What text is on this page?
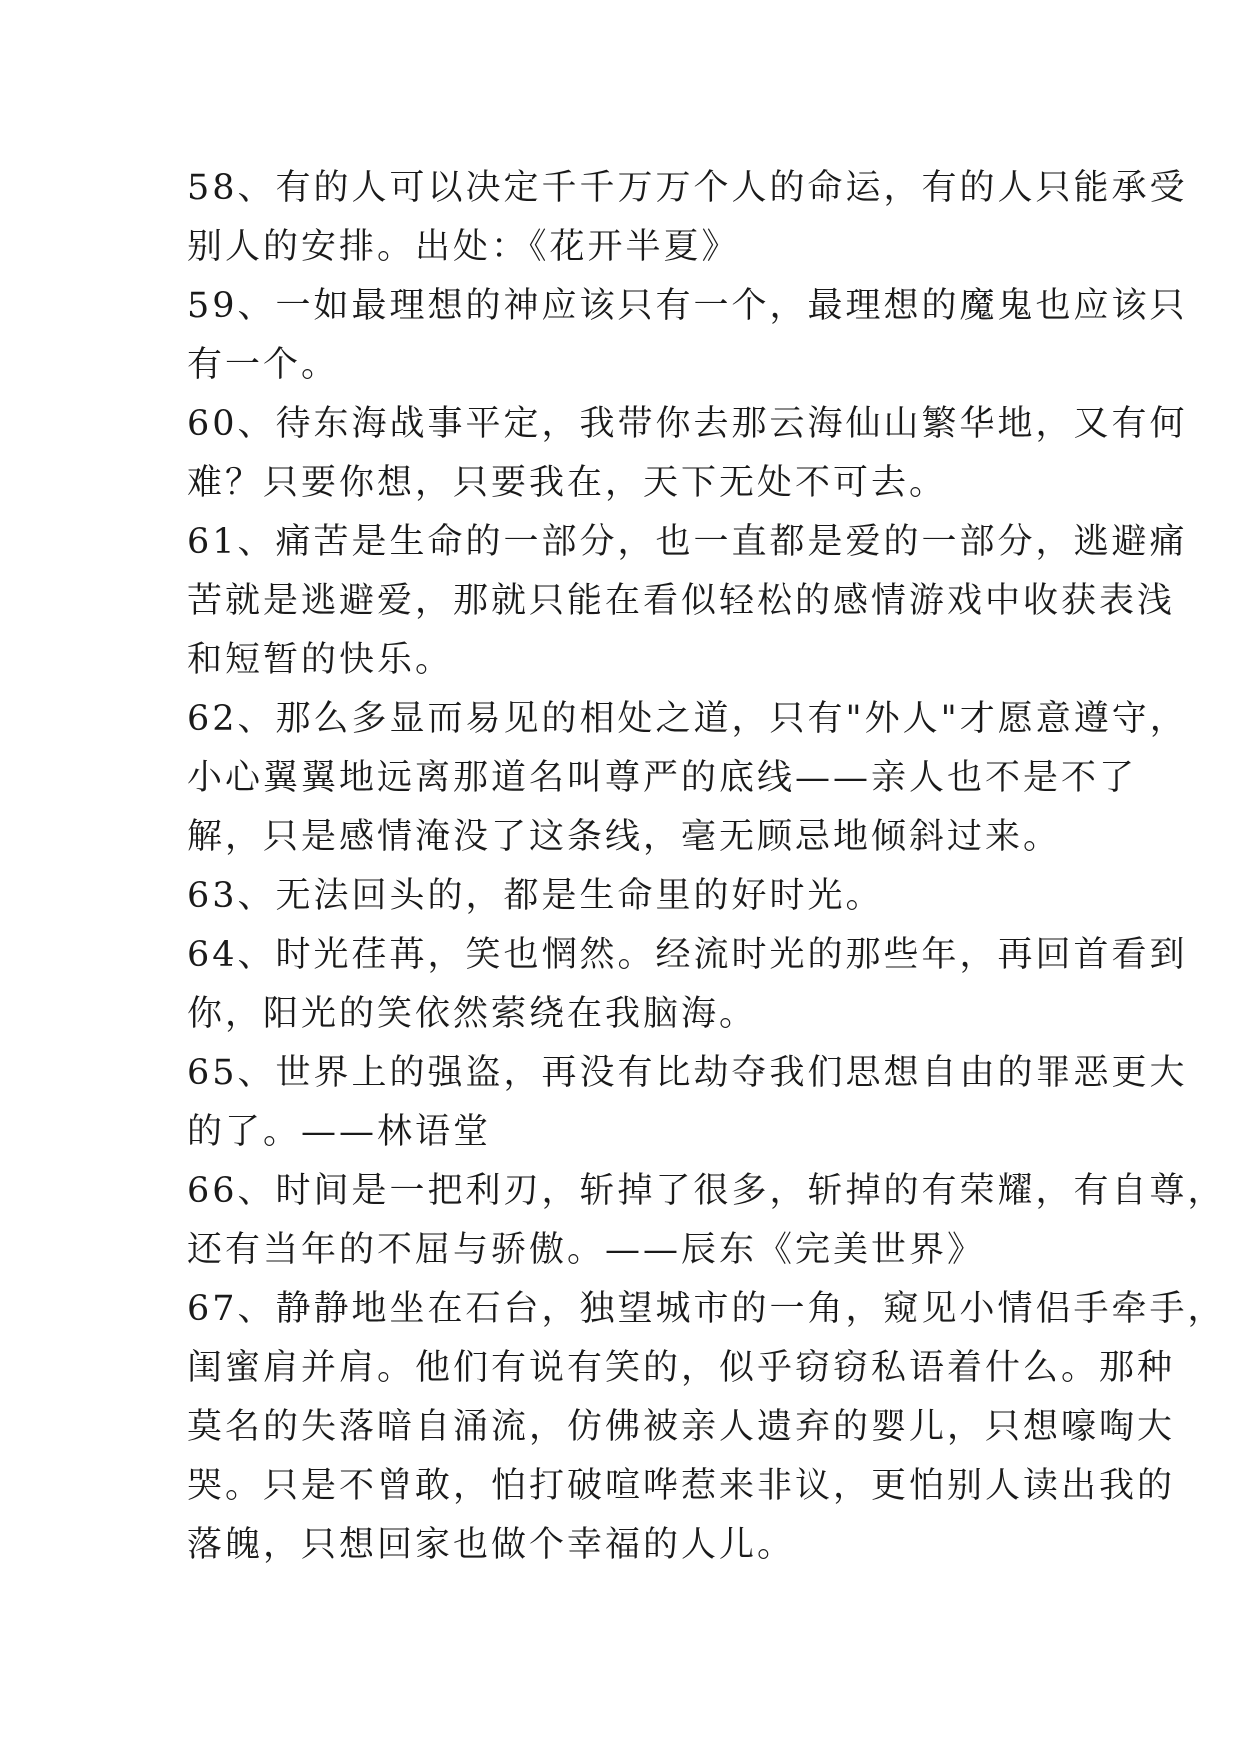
58、有的人可以决定千千万万个人的命运，有的人只能承受
别人的安排。出处：《花开半夏》

59、一如最理想的神应该只有一个，最理想的魔鬼也应该只
有一个。

60、待东海战事平定，我带你去那云海仙山繁华地，又有何
难？只要你想，只要我在，天下无处不可去。

61、痛苦是生命的一部分，也一直都是爱的一部分，逃避痛
苦就是逃避爱，那就只能在看似轻松的感情游戏中收获表浅
和短暂的快乐。

62、那么多显而易见的相处之道，只有"外人"才愿意遵守，
小心翼翼地远离那道名叫尊严的底线——亲人也不是不了
解，只是感情淹没了这条线，毫无顾忌地倾斜过来。

63、无法回头的，都是生命里的好时光。

64、时光荏苒，笑也惘然。经流时光的那些年，再回首看到
你，阳光的笑依然萦绕在我脑海。

65、世界上的强盗，再没有比劫夺我们思想自由的罪恶更大
的了。——林语堂

66、时间是一把利刃，斩掉了很多，斩掉的有荣耀，有自尊，
还有当年的不屈与骄傲。——辰东《完美世界》

67、静静地坐在石台，独望城市的一角，窥见小情侣手牵手，
闺蜜肩并肩。他们有说有笑的，似乎窃窃私语着什么。那种
莫名的失落暗自涌流，仿佛被亲人遗弃的婴儿，只想嚎啕大
哭。只是不曾敢，怕打破喧哗惹来非议，更怕别人读出我的
落魄，只想回家也做个幸福的人儿。
